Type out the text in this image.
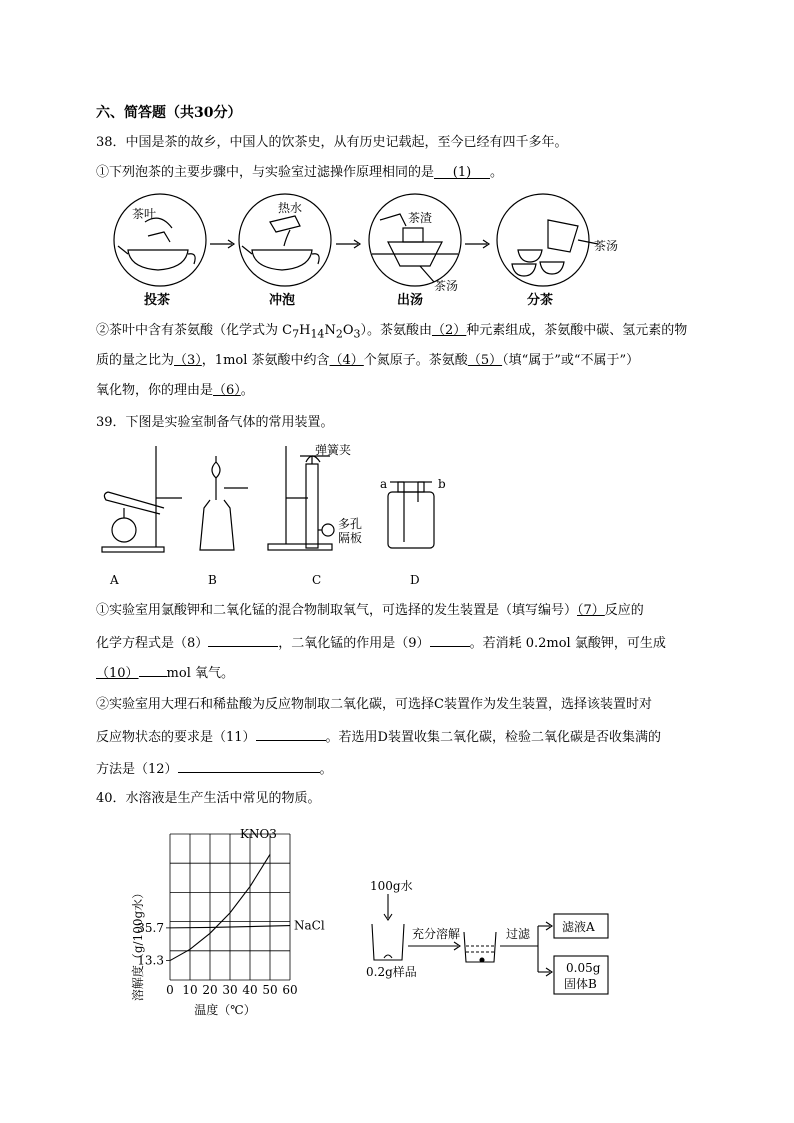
六、简答题（共30分）
38．中国是茶的故乡，中国人的饮茶史，从有历史记载起，至今已经有四千多年。
①下列泡茶的主要步骤中，与实验室过滤操作原理相同的是 (1) 。
茶叶	热水
茶渣
茶汤
茶汤
投茶	冲泡	出汤	分茶
②茶叶中含有茶氨酸（化学式为 $C_7H_{14}N_2O_3$）。茶氨酸由（2）种元素组成，茶氨酸中碳、氢元素的物
质的量之比为（3），1mol 茶氨酸中约含（4）个氮原子。茶氨酸（5）（填“属于”或“不属于”）
氧化物，你的理由是（6）。
39．下图是实验室制备气体的常用装置。
弹簧夹
多孔
隔板
a	b
A	B	C	D
①实验室用氯酸钾和二氧化锰的混合物制取氧气，可选择的发生装置是（填写编号）（7）反应的
化学方程式是（8）	，二氧化锰的作用是（9）	。若消耗 0.2mol 氯酸钾，可生成
（10） mol 氧气。
②实验室用大理石和稀盐酸为反应物制取二氧化碳，可选择C装置作为发生装置，选择该装置时对
反应物状态的要求是（11）	。若选用D装置收集二氧化碳，检验二氧化碳是否收集满的
方法是（12）	。
40．水溶液是生产生活中常见的物质。
0 10 20 30 40 50 60
13.3
35.7
KNO3
NaCl
溶解度（g/100g水）
温度（℃）
100g水
0.2g样品
充分溶解	过滤	滤液A
0.05g
固体B
